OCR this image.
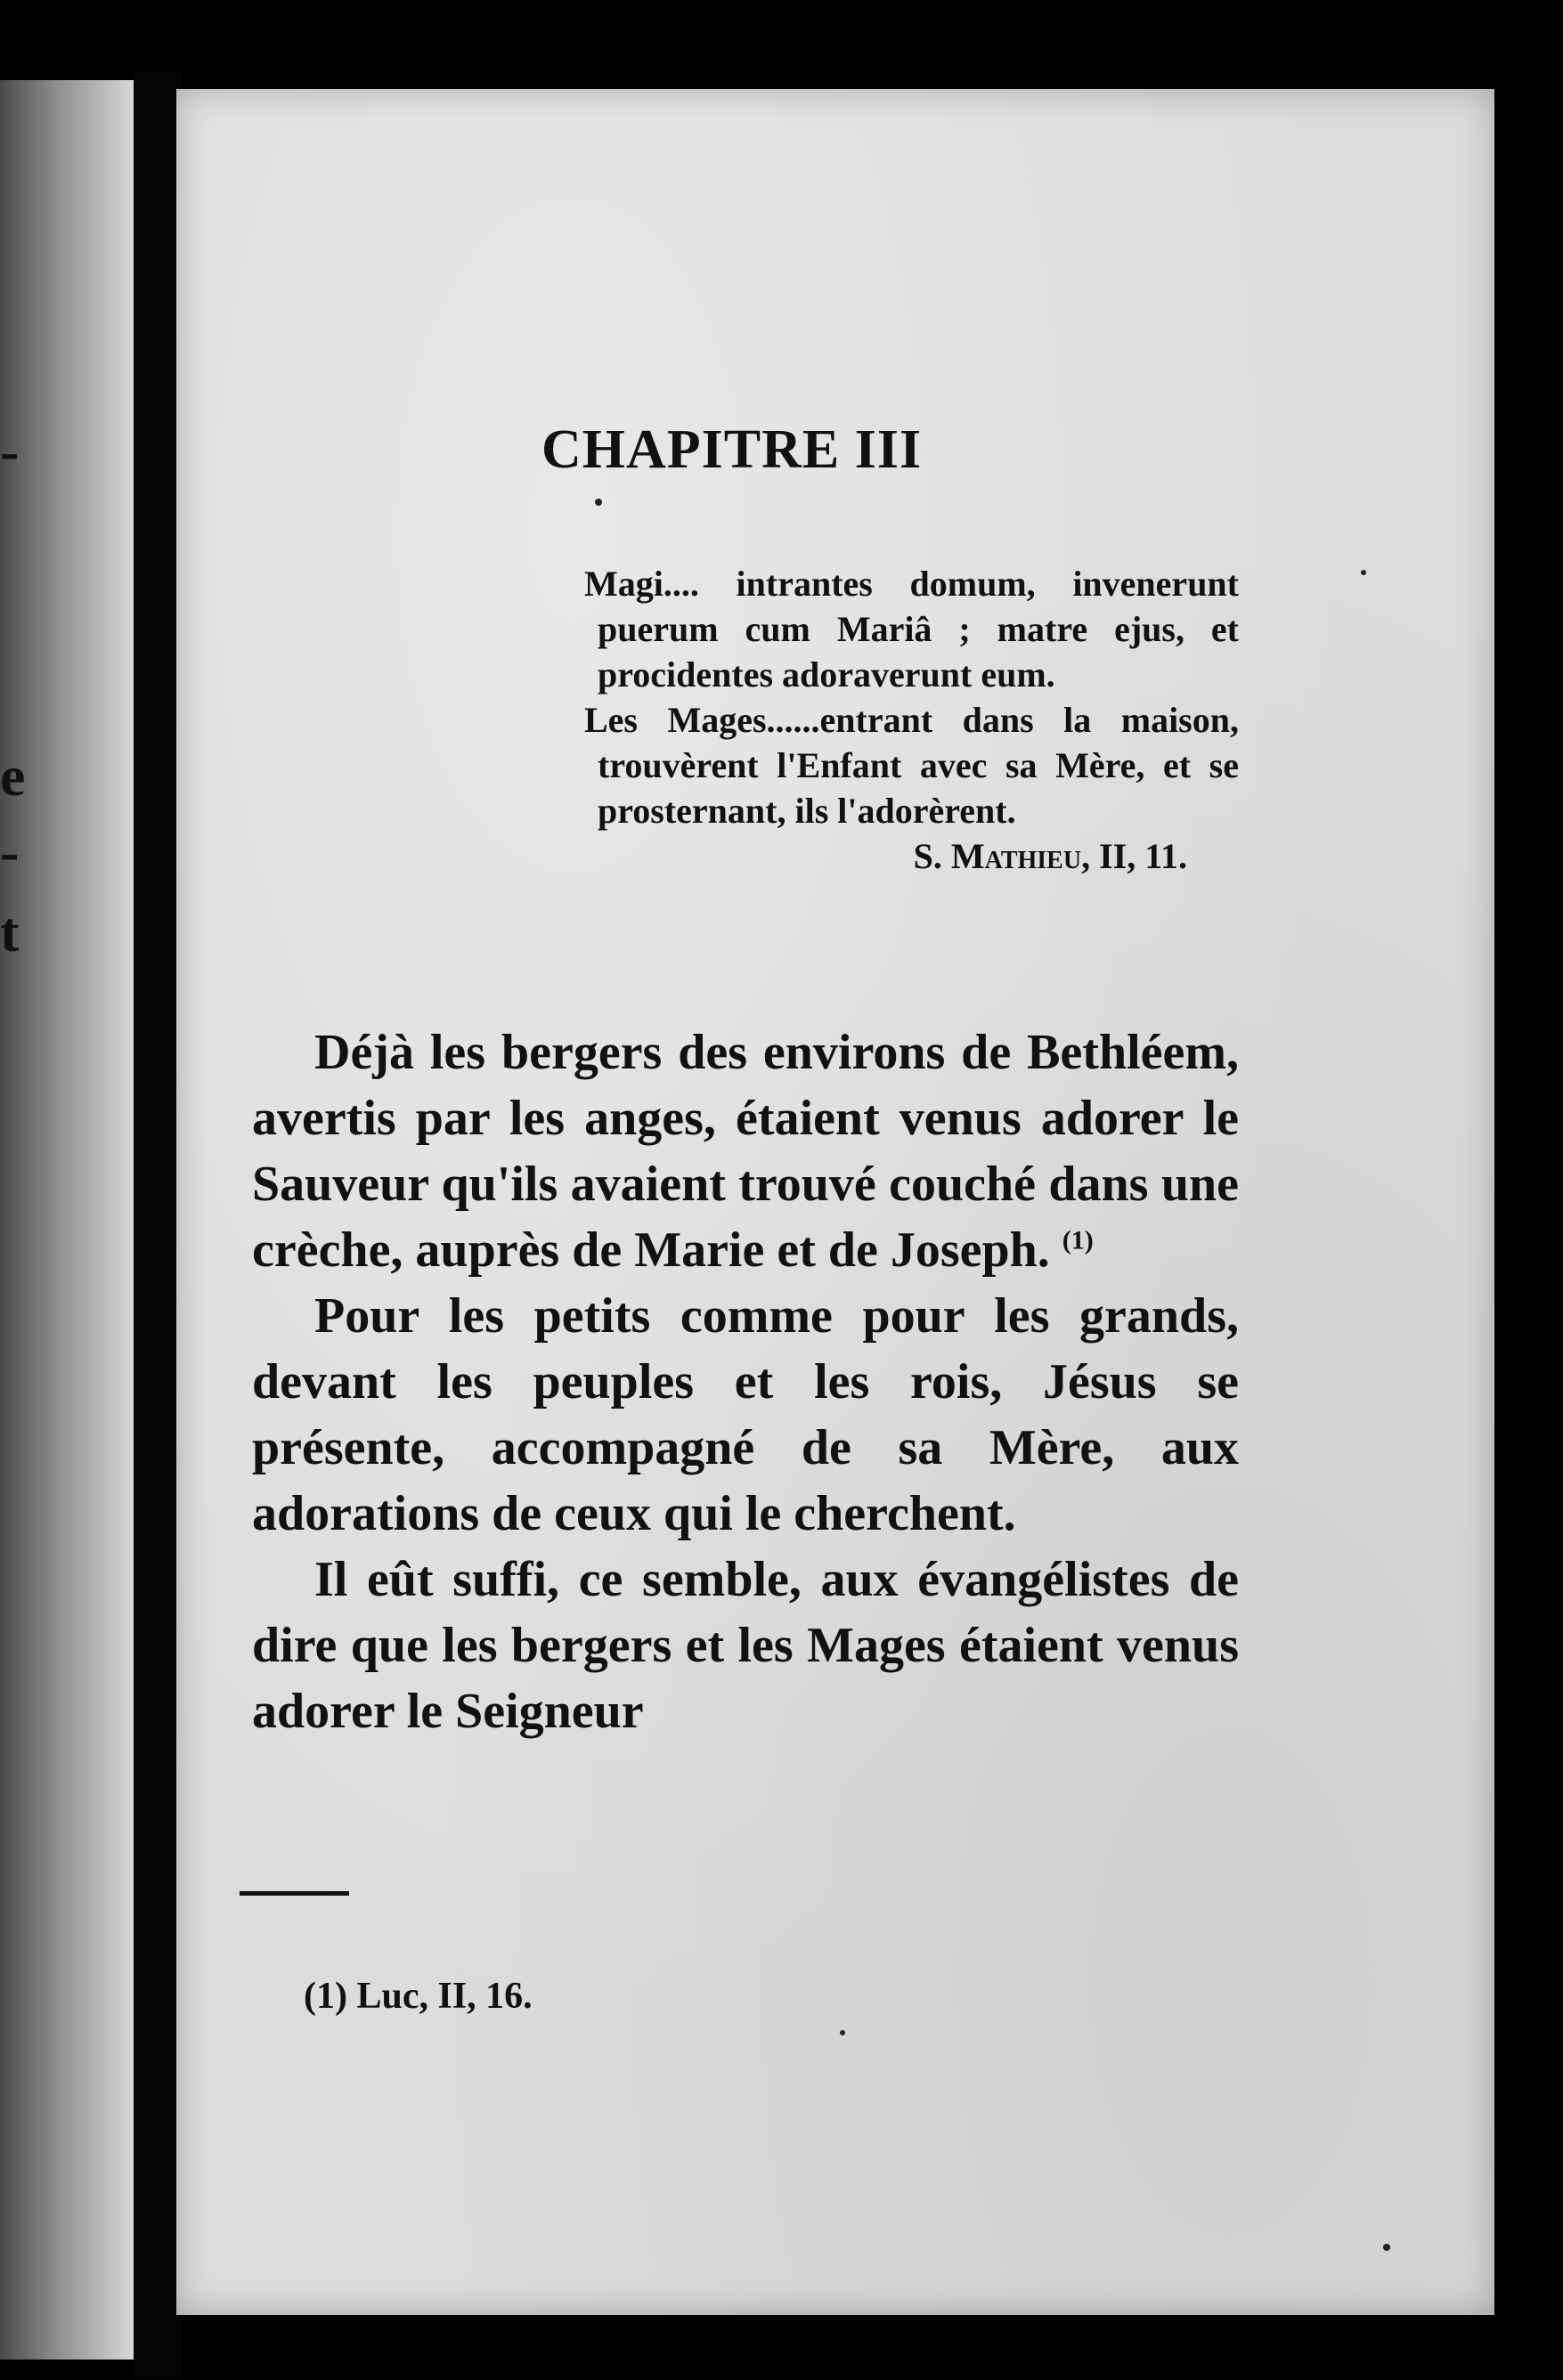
-
e
-
t
CHAPITRE III

Magi.... intrantes domum, invenerunt puerum cum Mariâ ; matre ejus, et procidentes adoraverunt eum.

Les Mages......entrant dans la maison, trouvèrent l'Enfant avec sa Mère, et se prosternant, ils l'adorèrent.

S. Mathieu, II, 11.

Déjà les bergers des environs de Bethléem, avertis par les anges, étaient venus adorer le Sauveur qu'ils avaient trouvé couché dans une crèche, auprès de Marie et de Joseph. $^{(1)}$

Pour les petits comme pour les grands, devant les peuples et les rois, Jésus se présente, accompagné de sa Mère, aux adorations de ceux qui le cherchent.

Il eût suffi, ce semble, aux évangélistes de dire que les bergers et les Mages étaient venus adorer le Seigneur

(1) Luc, II, 16.
